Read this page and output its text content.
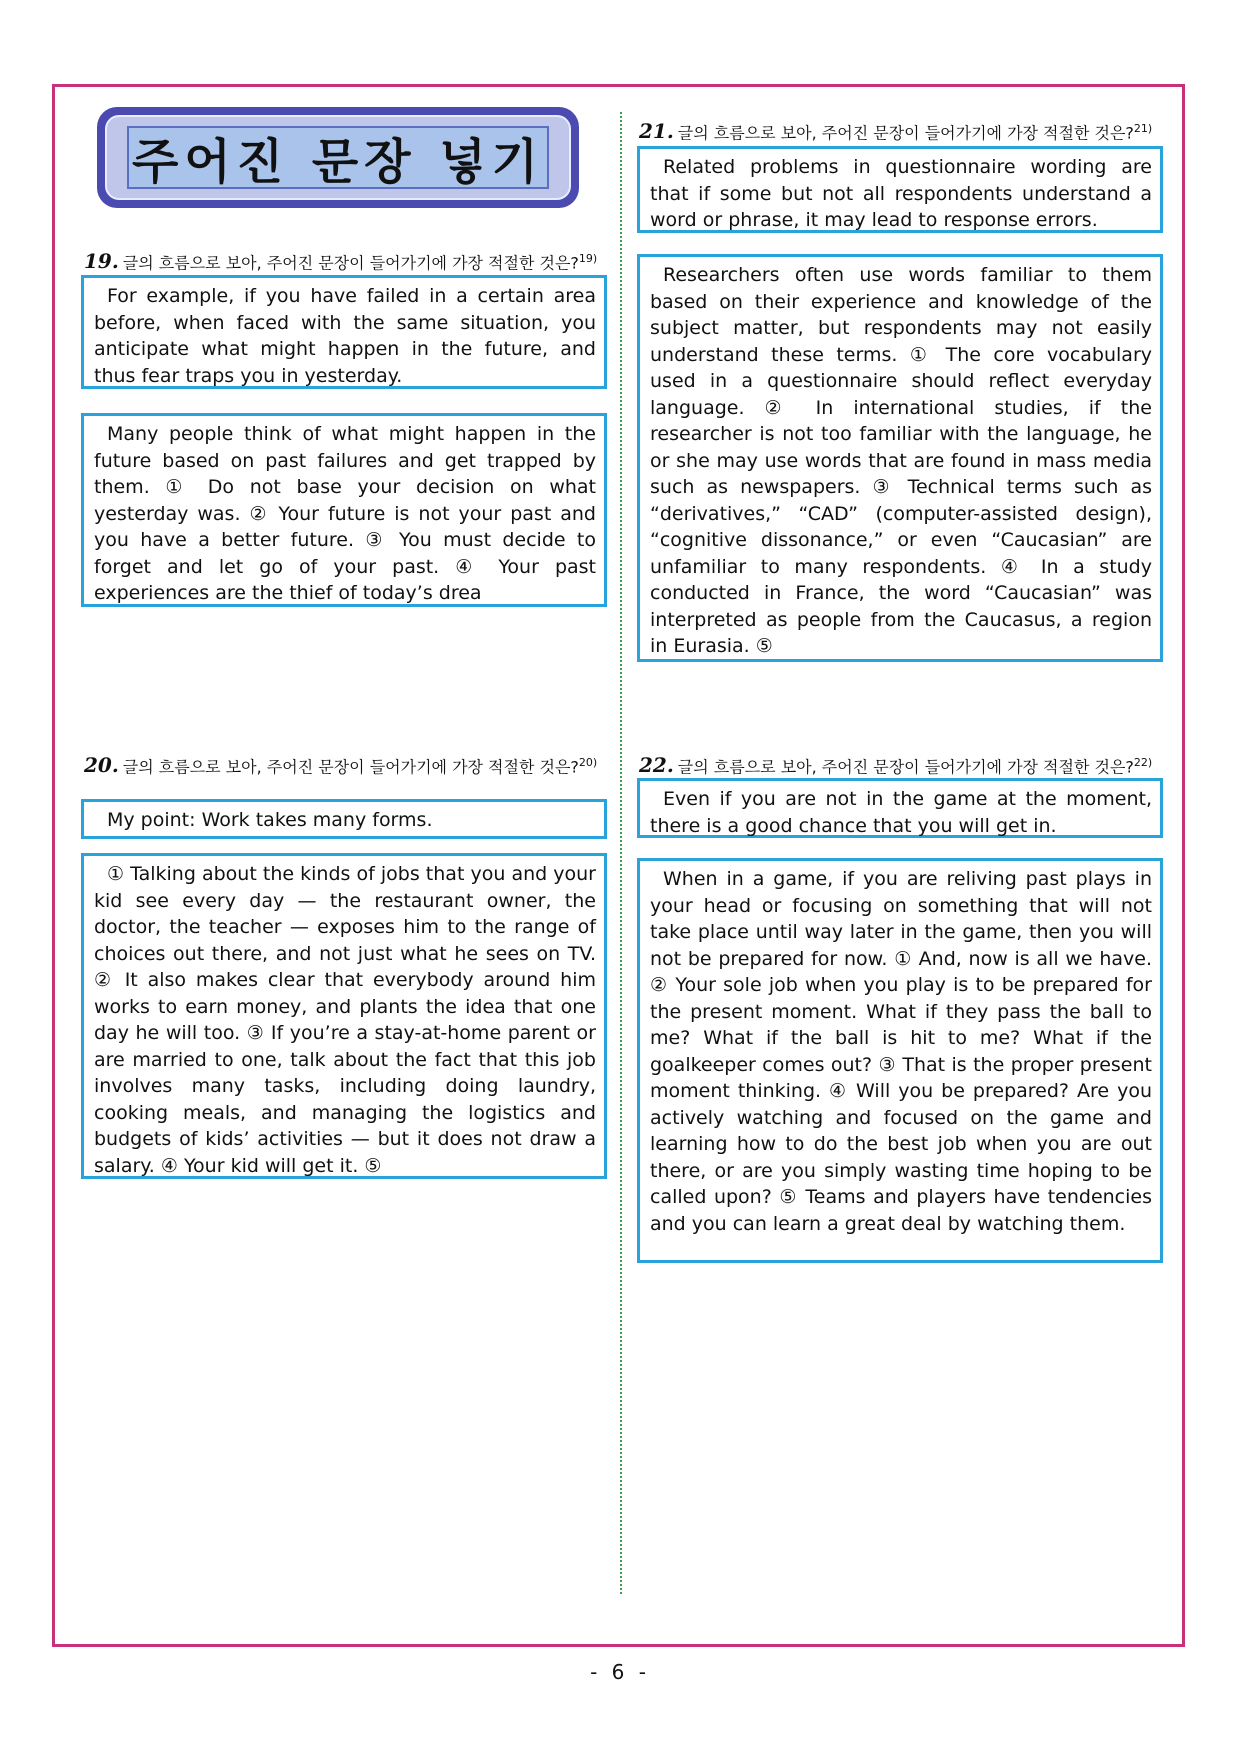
주어진 문장 넣기
19. 글의 흐름으로 보아, 주어진 문장이 들어가기에 가장 적절한 것은?$^{19)}$

For example, if you have failed in a certain area before, when faced with the same situation, you anticipate what might happen in the future, and thus fear traps you in yesterday.

Many people think of what might happen in the future based on past failures and get trapped by them. ① Do not base your decision on what yesterday was. ② Your future is not your past and you have a better future. ③ You must decide to forget and let go of your past. ④ Your past experiences are the thief of today’s drea

20. 글의 흐름으로 보아, 주어진 문장이 들어가기에 가장 적절한 것은?$^{20)}$

My point: Work takes many forms.

① Talking about the kinds of jobs that you and your kid see every day — the restaurant owner, the doctor, the teacher — exposes him to the range of choices out there, and not just what he sees on TV. ② It also makes clear that everybody around him works to earn money, and plants the idea that one day he will too. ③ If you’re a stay-at-home parent or are married to one, talk about the fact that this job involves many tasks, including doing laundry, cooking meals, and managing the logistics and budgets of kids’ activities — but it does not draw a salary. ④ Your kid will get it. ⑤

21. 글의 흐름으로 보아, 주어진 문장이 들어가기에 가장 적절한 것은?$^{21)}$

Related problems in questionnaire wording are that if some but not all respondents understand a word or phrase, it may lead to response errors.

Researchers often use words familiar to them based on their experience and knowledge of the subject matter, but respondents may not easily understand these terms. ① The core vocabulary used in a questionnaire should reflect everyday language. ② In international studies, if the researcher is not too familiar with the language, he or she may use words that are found in mass media such as newspapers. ③ Technical terms such as “derivatives,” “CAD” (computer-assisted design), “cognitive dissonance,” or even “Caucasian” are unfamiliar to many respondents. ④ In a study conducted in France, the word “Caucasian” was interpreted as people from the Caucasus, a region in Eurasia. ⑤

22. 글의 흐름으로 보아, 주어진 문장이 들어가기에 가장 적절한 것은?$^{22)}$

Even if you are not in the game at the moment, there is a good chance that you will get in.

When in a game, if you are reliving past plays in your head or focusing on something that will not take place until way later in the game, then you will not be prepared for now. ① And, now is all we have. ② Your sole job when you play is to be prepared for the present moment. What if they pass the ball to me? What if the ball is hit to me? What if the goalkeeper comes out? ③ That is the proper present moment thinking. ④ Will you be prepared? Are you actively watching and focused on the game and learning how to do the best job when you are out there, or are you simply wasting time hoping to be called upon? ⑤ Teams and players have tendencies and you can learn a great deal by watching them.

- 6 -
